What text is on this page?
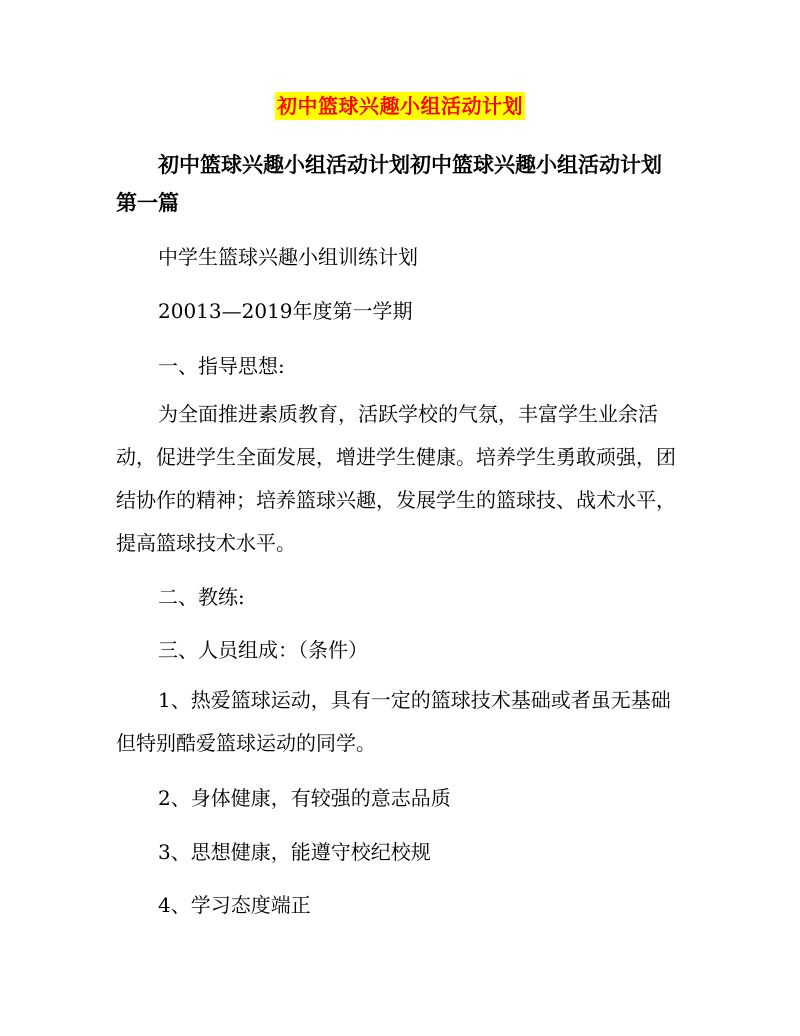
初中篮球兴趣小组活动计划
初中篮球兴趣小组活动计划初中篮球兴趣小组活动计划
第一篇
中学生篮球兴趣小组训练计划
20013—2019年度第一学期
一、指导思想:
为全面推进素质教育，活跃学校的气氛，丰富学生业余活动，促进学生全面发展，增进学生健康。培养学生勇敢顽强，团结协作的精神；培养篮球兴趣，发展学生的篮球技、战术水平，提高篮球技术水平。
二、教练:
三、人员组成：（条件）
1、热爱篮球运动，具有一定的篮球技术基础或者虽无基础但特别酷爱篮球运动的同学。
2、身体健康，有较强的意志品质
3、思想健康，能遵守校纪校规
4、学习态度端正
